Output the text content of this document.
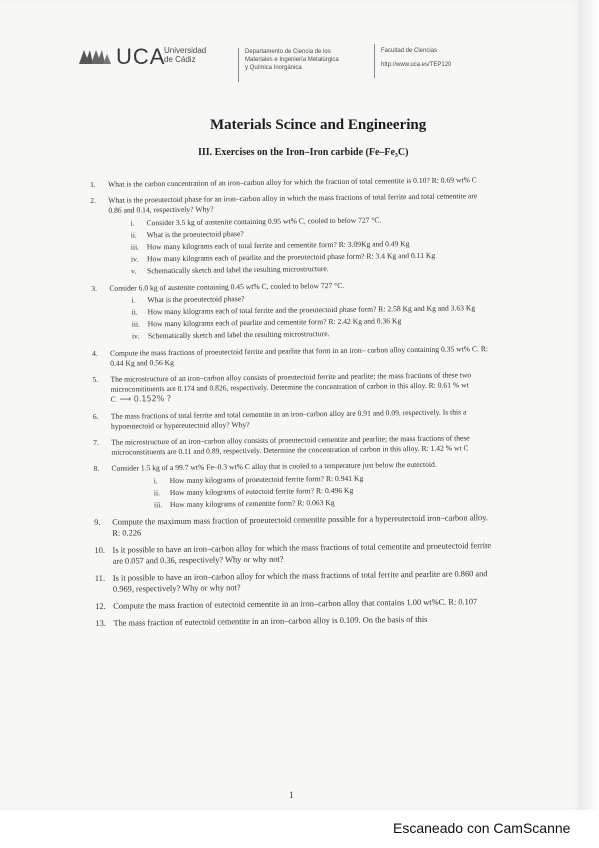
UCA
Universidad
de Cádiz
Departamento de Ciencia de los
Materiales e Ingeniería Metalúrgica
y Química Inorgánica
Facultad de Ciencias
http://www.uca.es/TEP120
Materials Scince and Engineering
III. Exercises on the Iron–Iron carbide (Fe–Fe₃C)
1. What is the carbon concentration of an iron–carbon alloy for which the fraction of total cementite is 0.10? R: 0.69 wt% C
2. What is the proeutectoid phase for an iron–carbon alloy in which the mass fractions of total ferrite and total cementite are 0.86 and 0.14, respectively? Why?
i. Consider 3.5 kg of austenite containing 0.95 wt% C, cooled to below 727 °C.
ii. What is the proeutectoid phase?
iii. How many kilograms each of total ferrite and cementite form? R: 3.09Kg and 0.49 Kg
iv. How many kilograms each of pearlite and the proeutectoid phase form? R: 3.4 Kg and 0.11 Kg
v. Schematically sketch and label the resulting microstructure.
3. Consider 6.0 kg of austenite containing 0.45 wt% C, cooled to below 727 °C.
i. What is the proeutectoid phase?
ii. How many kilograms each of total ferrite and the proeutectoid phase form? R: 2.58 Kg and Kg and 3.63 Kg
iii. How many kilograms each of pearlite and cementite form? R: 2.42 Kg and 0.36 Kg
iv. Schematically sketch and label the resulting microstructure.
4. Compute the mass fractions of proeutectoid ferrite and pearlite that form in an iron– carbon alloy containing 0.35 wt% C. R: 0.44 Kg and 0.56 Kg
5. The microstructure of an iron–carbon alloy consists of proeutectoid ferrite and pearlite; the mass fractions of these two microconstituents are 0.174 and 0.826, respectively. Determine the concentration of carbon in this alloy. R: 0.61 % wt C ⟶ 0.152% ?
6. The mass fractions of total ferrite and total cementite in an iron–carbon alloy are 0.91 and 0.09, respectively. Is this a hypoeutectoid or hypereutectoid alloy? Why?
7. The microstructure of an iron–carbon alloy consists of proeutectoid cementite and pearlite; the mass fractions of these microconstituents are 0.11 and 0.89, respectively. Determine the concentration of carbon in this alloy. R: 1.42 % wt C
8. Consider 1.5 kg of a 99.7 wt% Fe–0.3 wt% C alloy that is cooled to a temperature just below the eutectoid.
i. How many kilograms of proeutectoid ferrite form? R: 0.941 Kg
ii. How many kilograms of eutectoid ferrite form? R: 0.496 Kg
iii. How many kilograms of cementite form? R: 0.063 Kg
9. Compute the maximum mass fraction of proeutectoid cementite possible for a hypereutectoid iron–carbon alloy. R: 0.226
10. Is it possible to have an iron–carbon alloy for which the mass fractions of total cementite and proeutectoid ferrite are 0.057 and 0.36, respectively? Why or why not?
11. Is it possible to have an iron–carbon alloy for which the mass fractions of total ferrite and pearlite are 0.860 and 0.969, respectively? Why or why not?
12. Compute the mass fraction of eutectoid cementite in an iron–carbon alloy that contains 1.00 wt%C. R: 0.107
13. The mass fraction of eutectoid cementite in an iron–carbon alloy is 0.109. On the basis of this
1
Escaneado con CamScanne
